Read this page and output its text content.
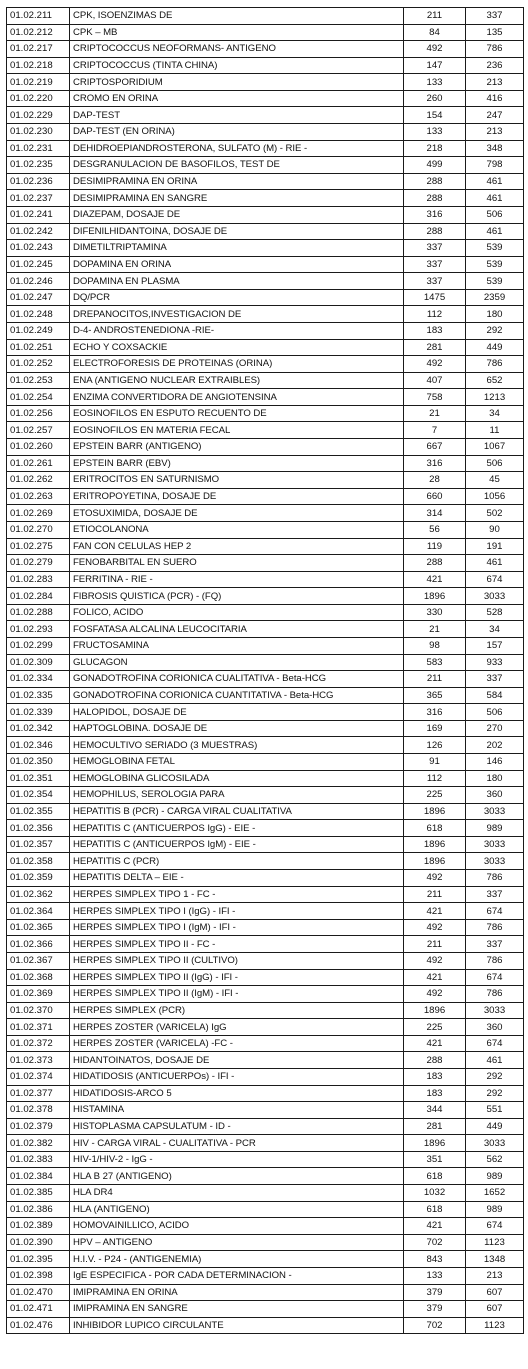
01.02.211	CPK, ISOENZIMAS DE	211	337
01.02.212	CPK – MB	84	135
01.02.217	CRIPTOCOCCUS NEOFORMANS- ANTIGENO	492	786
01.02.218	CRIPTOCOCCUS (TINTA CHINA)	147	236
01.02.219	CRIPTOSPORIDIUM	133	213
01.02.220	CROMO EN ORINA	260	416
01.02.229	DAP-TEST	154	247
01.02.230	DAP-TEST (EN ORINA)	133	213
01.02.231	DEHIDROEPIANDROSTERONA, SULFATO (M) - RIE -	218	348
01.02.235	DESGRANULACION DE BASOFILOS, TEST DE	499	798
01.02.236	DESIMIPRAMINA EN ORINA	288	461
01.02.237	DESIMIPRAMINA EN SANGRE	288	461
01.02.241	DIAZEPAM, DOSAJE DE	316	506
01.02.242	DIFENILHIDANTOINA, DOSAJE DE	288	461
01.02.243	DIMETILTRIPTAMINA	337	539
01.02.245	DOPAMINA EN ORINA	337	539
01.02.246	DOPAMINA EN PLASMA	337	539
01.02.247	DQ/PCR	1475	2359
01.02.248	DREPANOCITOS,INVESTIGACION DE	112	180
01.02.249	D-4- ANDROSTENEDIONA -RIE-	183	292
01.02.251	ECHO Y COXSACKIE	281	449
01.02.252	ELECTROFORESIS DE PROTEINAS (ORINA)	492	786
01.02.253	ENA (ANTIGENO NUCLEAR EXTRAIBLES)	407	652
01.02.254	ENZIMA CONVERTIDORA DE ANGIOTENSINA	758	1213
01.02.256	EOSINOFILOS EN ESPUTO RECUENTO DE	21	34
01.02.257	EOSINOFILOS EN MATERIA FECAL	7	11
01.02.260	EPSTEIN BARR (ANTIGENO)	667	1067
01.02.261	EPSTEIN BARR (EBV)	316	506
01.02.262	ERITROCITOS EN SATURNISMO	28	45
01.02.263	ERITROPOYETINA, DOSAJE DE	660	1056
01.02.269	ETOSUXIMIDA, DOSAJE DE	314	502
01.02.270	ETIOCOLANONA	56	90
01.02.275	FAN CON CELULAS HEP 2	119	191
01.02.279	FENOBARBITAL EN SUERO	288	461
01.02.283	FERRITINA - RIE -	421	674
01.02.284	FIBROSIS QUISTICA (PCR) - (FQ)	1896	3033
01.02.288	FOLICO, ACIDO	330	528
01.02.293	FOSFATASA ALCALINA LEUCOCITARIA	21	34
01.02.299	FRUCTOSAMINA	98	157
01.02.309	GLUCAGON	583	933
01.02.334	GONADOTROFINA CORIONICA CUALITATIVA - Beta-HCG	211	337
01.02.335	GONADOTROFINA CORIONICA CUANTITATIVA - Beta-HCG	365	584
01.02.339	HALOPIDOL, DOSAJE DE	316	506
01.02.342	HAPTOGLOBINA. DOSAJE DE	169	270
01.02.346	HEMOCULTIVO SERIADO (3 MUESTRAS)	126	202
01.02.350	HEMOGLOBINA FETAL	91	146
01.02.351	HEMOGLOBINA GLICOSILADA	112	180
01.02.354	HEMOPHILUS, SEROLOGIA PARA	225	360
01.02.355	HEPATITIS B (PCR) - CARGA VIRAL CUALITATIVA	1896	3033
01.02.356	HEPATITIS C (ANTICUERPOS IgG) - EIE -	618	989
01.02.357	HEPATITIS C (ANTICUERPOS IgM) - EIE -	1896	3033
01.02.358	HEPATITIS C (PCR)	1896	3033
01.02.359	HEPATITIS DELTA – EIE -	492	786
01.02.362	HERPES SIMPLEX TIPO 1 - FC -	211	337
01.02.364	HERPES SIMPLEX TIPO I (IgG) - IFI -	421	674
01.02.365	HERPES SIMPLEX TIPO I (IgM) - IFI -	492	786
01.02.366	HERPES SIMPLEX TIPO II - FC -	211	337
01.02.367	HERPES SIMPLEX TIPO II (CULTIVO)	492	786
01.02.368	HERPES SIMPLEX TIPO II (IgG) - IFI -	421	674
01.02.369	HERPES SIMPLEX TIPO II (IgM) - IFI -	492	786
01.02.370	HERPES SIMPLEX (PCR)	1896	3033
01.02.371	HERPES ZOSTER (VARICELA) IgG	225	360
01.02.372	HERPES ZOSTER (VARICELA) -FC -	421	674
01.02.373	HIDANTOINATOS, DOSAJE DE	288	461
01.02.374	HIDATIDOSIS (ANTICUERPOs) - IFI -	183	292
01.02.377	HIDATIDOSIS-ARCO 5	183	292
01.02.378	HISTAMINA	344	551
01.02.379	HISTOPLASMA CAPSULATUM - ID -	281	449
01.02.382	HIV - CARGA VIRAL - CUALITATIVA - PCR	1896	3033
01.02.383	HIV-1/HIV-2 - IgG -	351	562
01.02.384	HLA B 27 (ANTIGENO)	618	989
01.02.385	HLA DR4	1032	1652
01.02.386	HLA (ANTIGENO)	618	989
01.02.389	HOMOVAINILLICO, ACIDO	421	674
01.02.390	HPV – ANTIGENO	702	1123
01.02.395	H.I.V. - P24 - (ANTIGENEMIA)	843	1348
01.02.398	IgE ESPECIFICA - POR CADA DETERMINACION -	133	213
01.02.470	IMIPRAMINA EN ORINA	379	607
01.02.471	IMIPRAMINA EN SANGRE	379	607
01.02.476	INHIBIDOR LUPICO CIRCULANTE	702	1123
